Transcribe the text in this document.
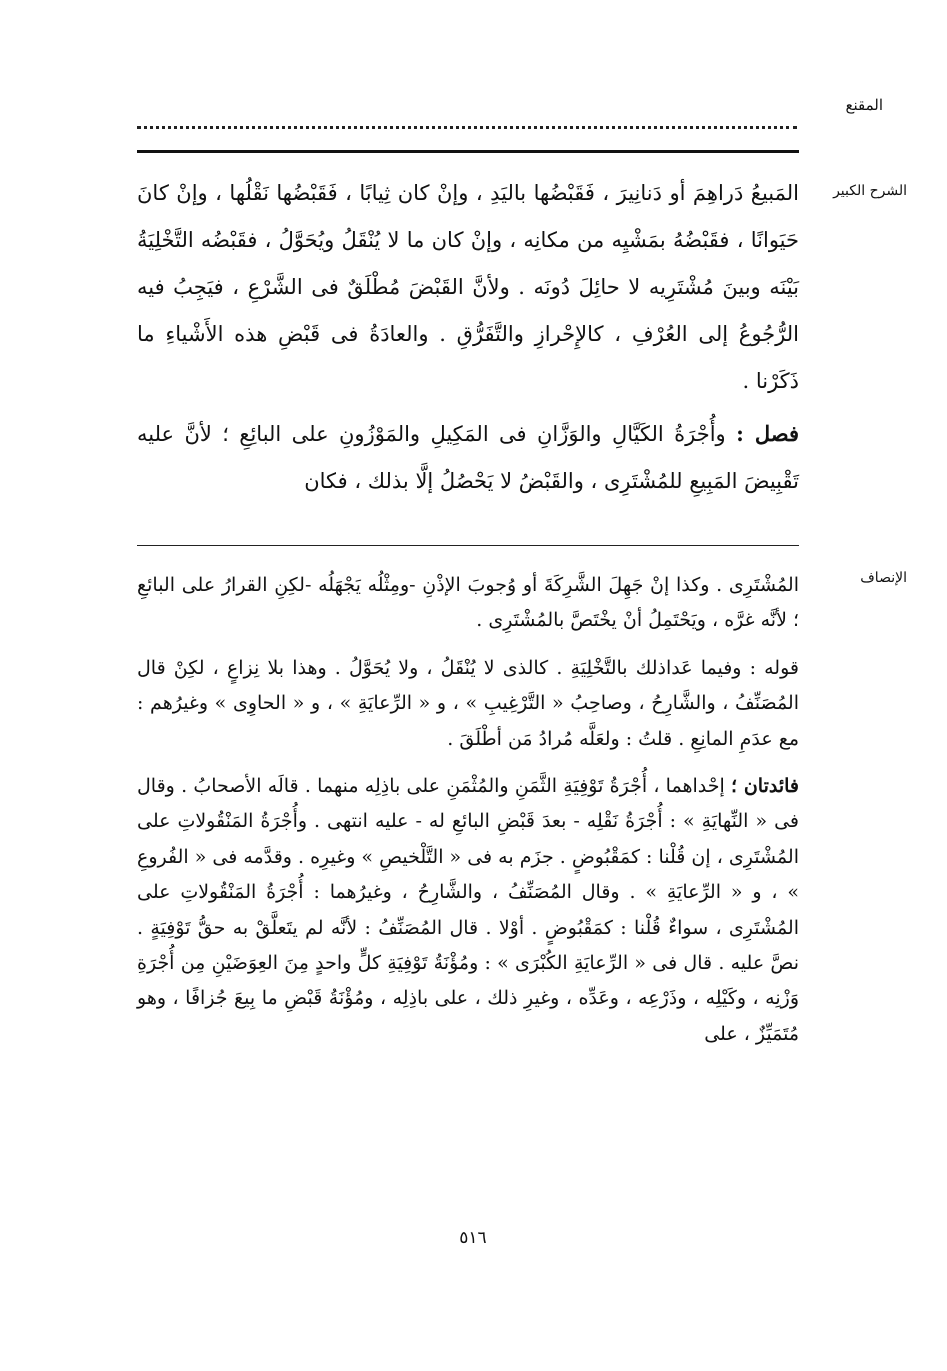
المقنع
الشرح الكبير

المَبيعُ دَراهِمَ أو دَنانِيرَ ، فَقَبْضُها باليَدِ ، وإنْ كان ثِيابًا ، فَقَبْضُها نَقْلُها ، وإنْ كانَ حَيَوانًا ، فقَبْضُهُ بمَشْيِه من مكانِه ، وإنْ كان ما لا يُنْقَلُ ويُحَوَّلُ ، فقَبْضُه التَّخْلِيَةُ بَيْنَه وبينَ مُشْتَرِيه لا حائِلَ دُونَه . ولأنَّ القَبْضَ مُطْلَقٌ فى الشَّرْعِ ، فيَجِبُ فيه الرُّجُوعُ إلى العُرْفِ ، كالإِحْرازِ والتَّفَرُّقِ . والعادَةُ فى قَبْضِ هذه الأَشْياءِ ما ذَكَرْنا .

فصل : وأُجْرَةُ الكَيَّالِ والوَزَّانِ فى المَكِيلِ والمَوْزُونِ على البائِعِ ؛ لأنَّ عليه تَقْبِيضَ المَبِيعِ للمُشْتَرِى ، والقَبْضُ لا يَحْصُلُ إلَّا بذلك ، فكان

الإنصاف

المُشْتَرِى . وكذا إنْ جَهِلَ الشَّرِكَةَ أو وُجوبَ الإذْنِ -ومِثْلُه يَجْهَلُه -لكِنِ القرارُ على البائعِ ؛ لأنَّه غرَّه ، ويَحْتَمِلُ أنْ يخْتَصَّ بالمُشْتَرِى .

قوله : وفيما عَداذلك بالتَّخْلِيَةِ . كالذى لا يُنْقَلُ ، ولا يُحَوَّلُ . وهذا بلا نِزاعٍ ، لكِنْ قال المُصَنِّفُ ، والشَّارِحُ ، وصاحِبُ « التَّرْغِيبِ » ، و « الرِّعايَةِ » ، و « الحاوِى » وغيرُهم : مع عدَمِ المانِعِ . قلتُ : ولعَلَّه مُرادُ مَن أطْلَقَ .

فائدتان ؛ إحْداهما ، أُجْرَةُ تَوْفِيَةِ الثَّمَنِ والمُثْمَنِ على باذِلِه منهما . قالَه الأصحابُ . وقال فى « النِّهايَةِ » : أُجْرَةُ نَقْلِه - بعدَ قَبْضِ البائعِ له - عليه انتهى . وأُجْرَةُ المَنْقُولاتِ على المُشْتَرِى ، إن قُلْنا : كمَقْبُوضٍ . جزَم به فى « التَّلْخيصِ » وغيرِه . وقدَّمه فى « الفُروعِ » ، و « الرِّعايَةِ » . وقال المُصَنِّفُ ، والشَّارِحُ ، وغيرُهما : أُجْرَةُ المَنْقُولاتِ على المُشْتَرِى ، سواءٌ قُلْنا : كمَقْبُوضٍ . أوْلا . قال المُصَنِّفُ : لأنَّه لم يتَعلَّقْ به حقُّ تَوْفِيَةٍ . نصَّ عليه . قال فى « الرِّعايَةِ الكُبْرَى » : ومُؤْنَةُ تَوْفِيَةِ كلٍّ واحدٍ مِنَ العِوَضَيْنِ مِن أُجْرَةِ وَزْنِه ، وكَيْلِه ، وذَرْعِه ، وعَدِّه ، وغيرِ ذلك ، على باذِلِه ، ومُؤْنَةُ قَبْضِ ما بِيعَ جُزافًا ، وهو مُتَمَيِّزٌ ، على

٥١٦
